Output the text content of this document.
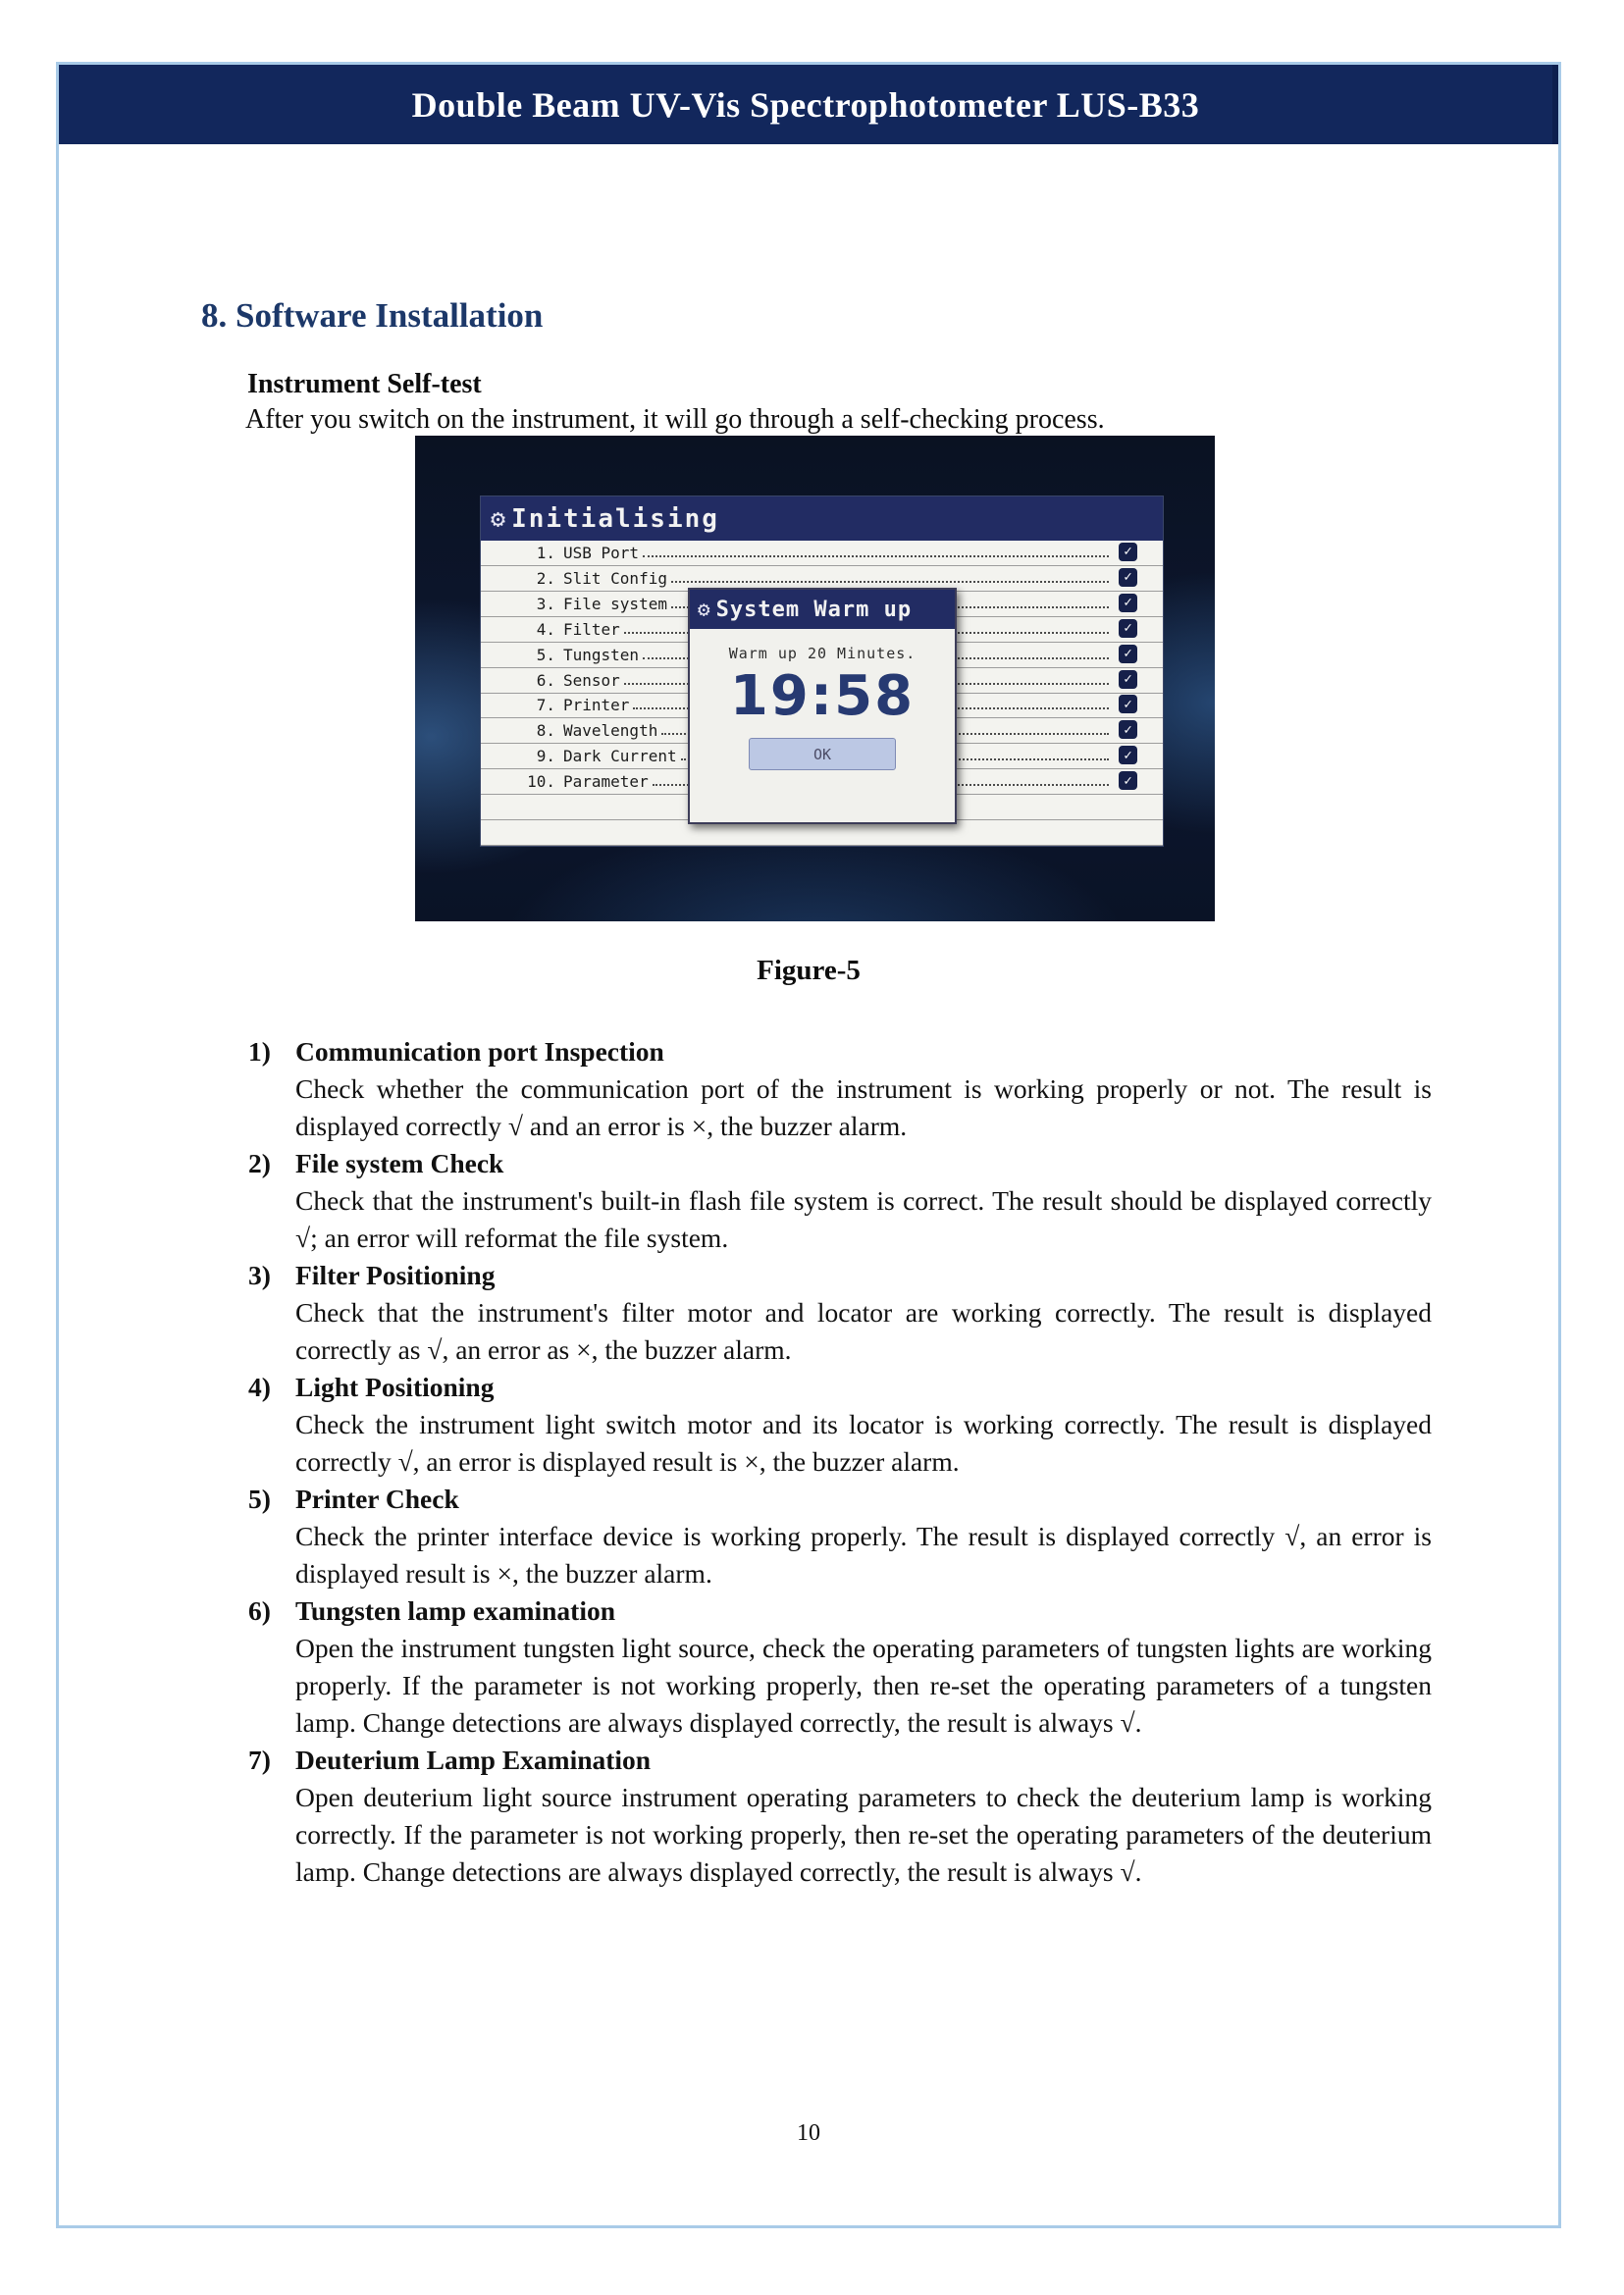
Double Beam UV-Vis Spectrophotometer LUS-B33
8. Software Installation
Instrument Self-test
After you switch on the instrument, it will go through a self-checking process.
⚙
Initialising
1. USB Port
✓
2. Slit Config
✓
3. File system
✓
4. Filter
✓
5. Tungsten
✓
6. Sensor
✓
7. Printer
✓
8. Wavelength
✓
9. Dark Current
✓
10. Parameter
✓
⚙
System Warm up
Warm up 20 Minutes.
19:58
OK
Figure-5
1) Communication port Inspection

Check whether the communication port of the instrument is working properly or not. The result is displayed correctly √ and an error is ×, the buzzer alarm.

2) File system Check

Check that the instrument's built-in flash file system is correct. The result should be displayed correctly √; an error will reformat the file system.

3) Filter Positioning

Check that the instrument's filter motor and locator are working correctly. The result is displayed correctly as √, an error as ×, the buzzer alarm.

4) Light Positioning

Check the instrument light switch motor and its locator is working correctly. The result is displayed correctly √, an error is displayed result is ×, the buzzer alarm.

5) Printer Check

Check the printer interface device is working properly. The result is displayed correctly √, an error is displayed result is ×, the buzzer alarm.

6) Tungsten lamp examination

Open the instrument tungsten light source, check the operating parameters of tungsten lights are working properly. If the parameter is not working properly, then re-set the operating parameters of a tungsten lamp. Change detections are always displayed correctly, the result is always √.

7) Deuterium Lamp Examination

Open deuterium light source instrument operating parameters to check the deuterium lamp is working correctly. If the parameter is not working properly, then re-set the operating parameters of the deuterium lamp. Change detections are always displayed correctly, the result is always √.

10
